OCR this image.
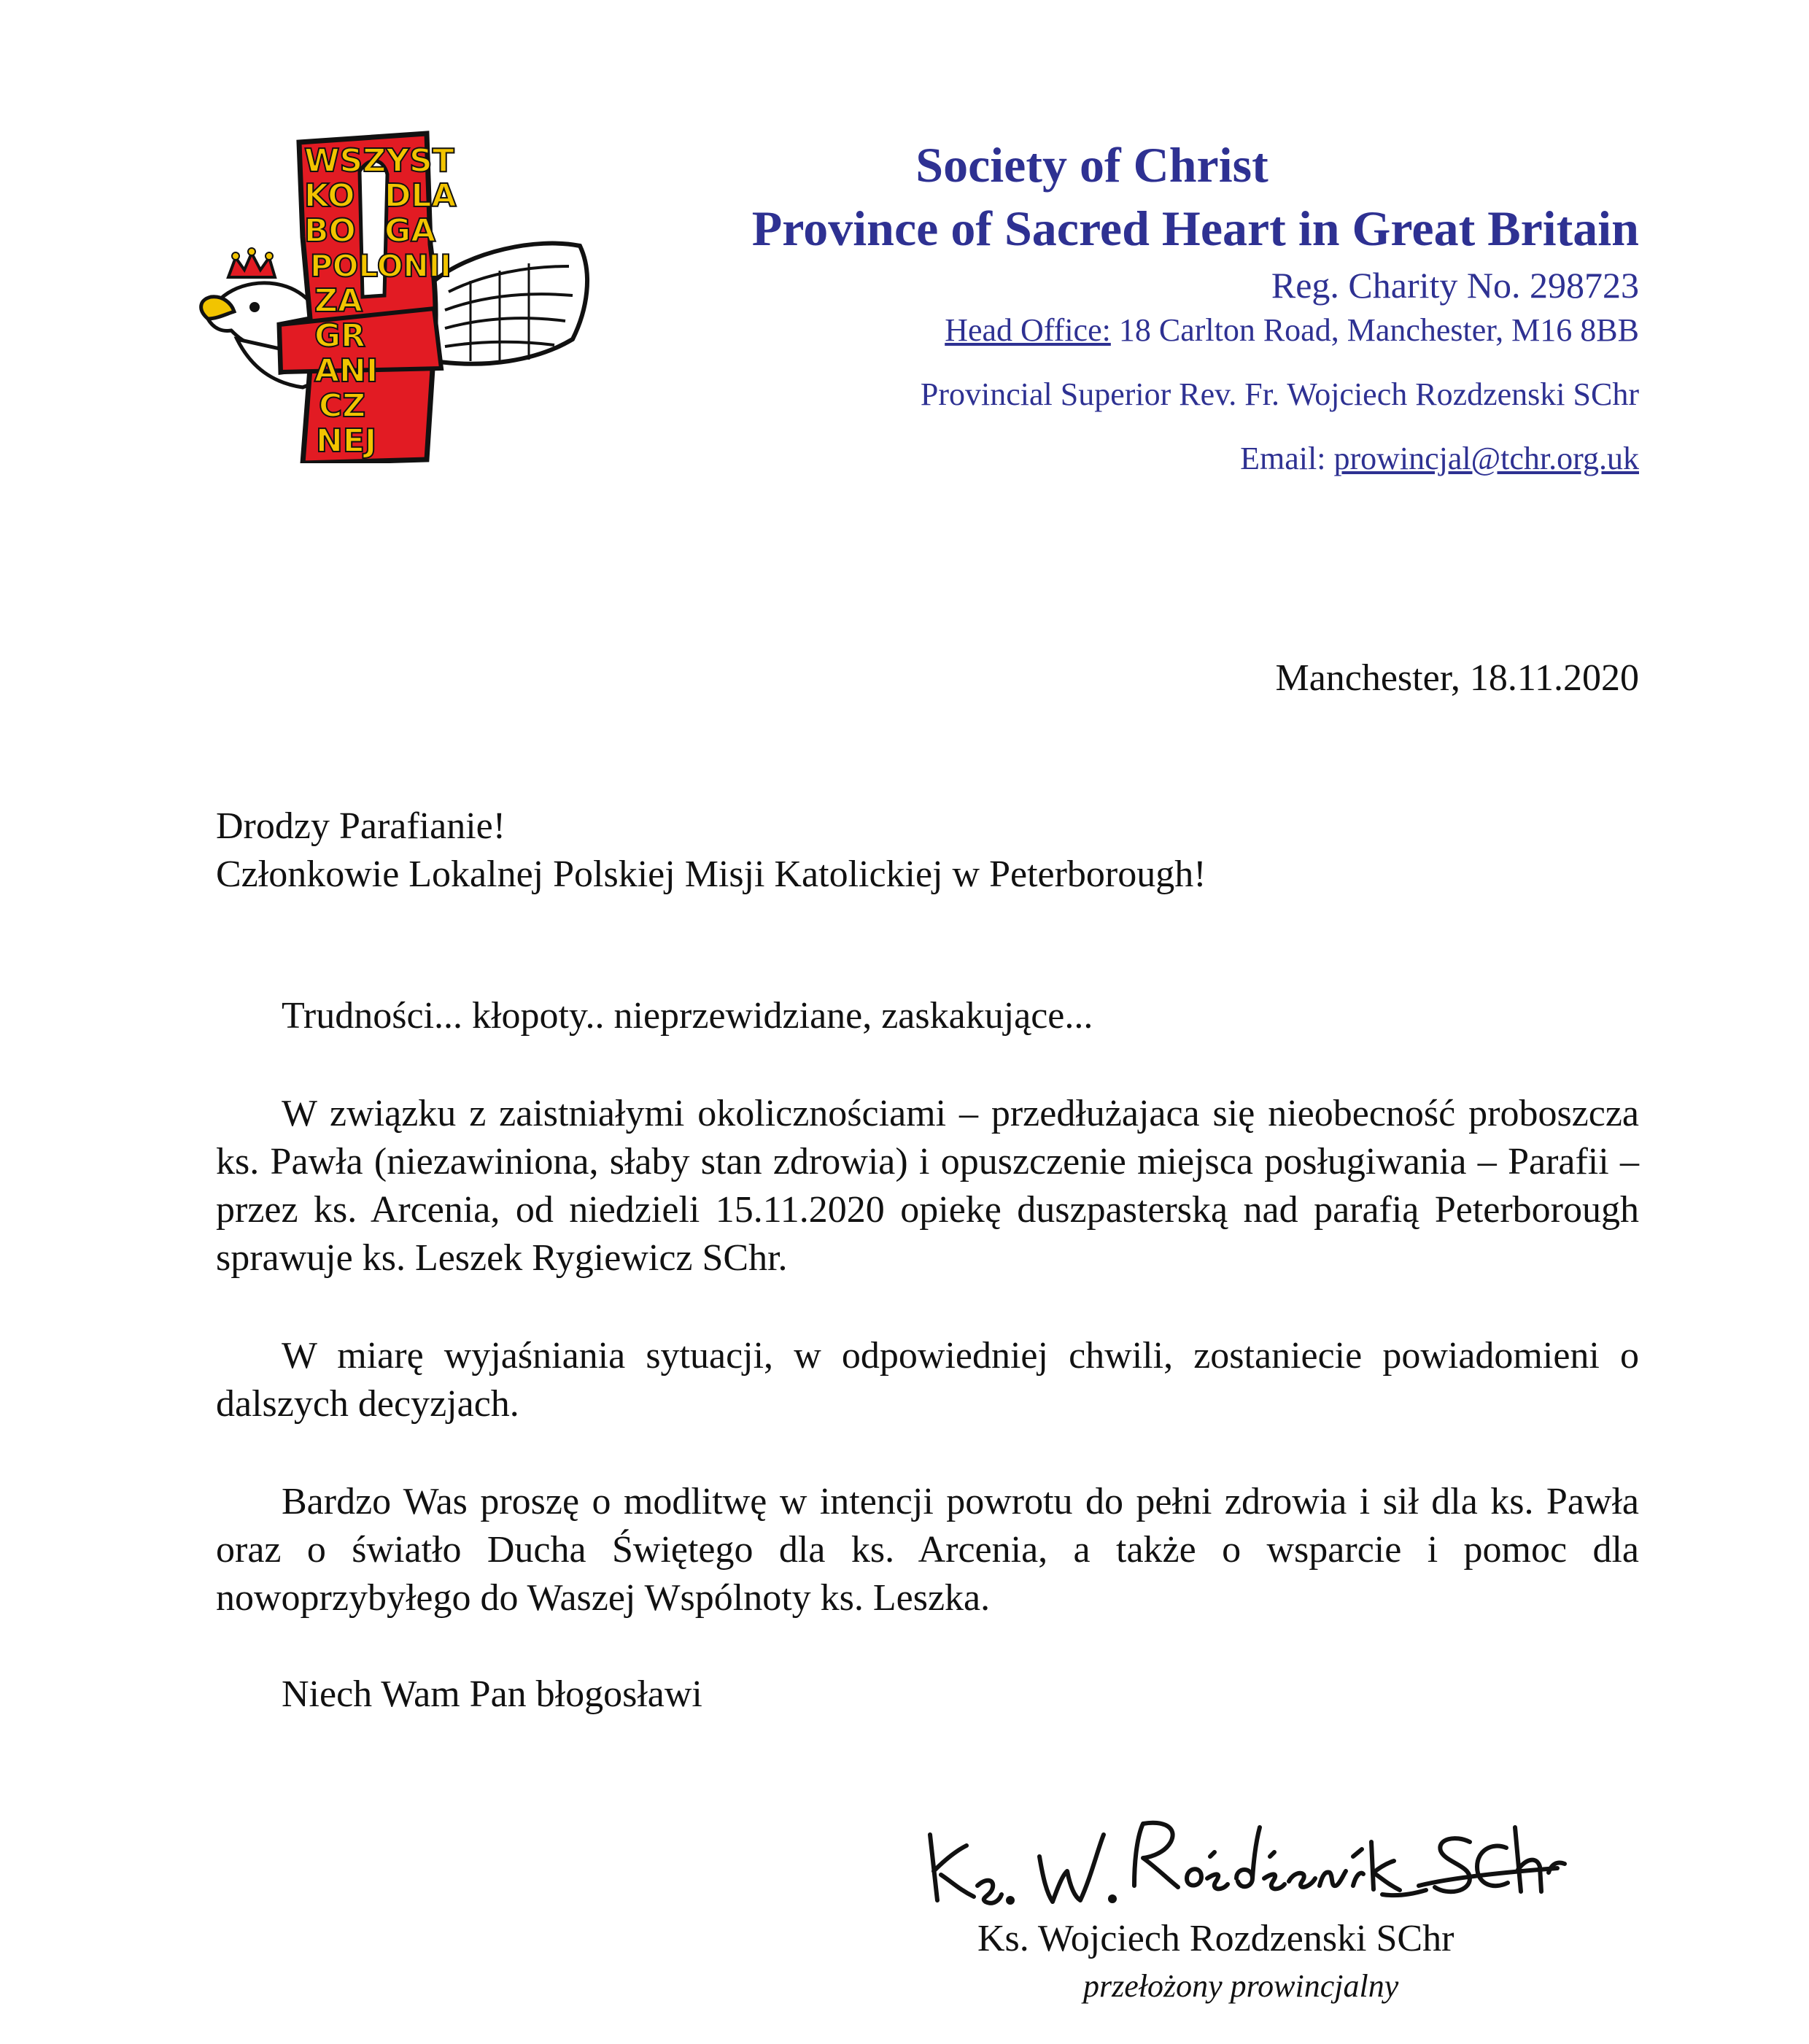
WSZYST
KO DLA
BO GA
POLONII
ZA
GR
ANI
CZ
NEJ
Society of Christ
Province of Sacred Heart in Great Britain
Reg. Charity No. 298723
Head Office: 18 Carlton Road, Manchester, M16 8BB
Provincial Superior Rev. Fr. Wojciech Rozdzenski SChr
Email: prowincjal@tchr.org.uk
Manchester, 18.11.2020
Drodzy Parafianie!
Członkowie Lokalnej Polskiej Misji Katolickiej w Peterborough!
Trudności... kłopoty.. nieprzewidziane, zaskakujące...
W związku z zaistniałymi okolicznościami – przedłużajaca się nieobecność proboszcza ks. Pawła (niezawiniona, słaby stan zdrowia) i opuszczenie miejsca posługiwania – Parafii – przez ks. Arcenia, od niedzieli 15.11.2020 opiekę duszpasterską nad parafią Peterborough sprawuje ks. Leszek Rygiewicz SChr.
W miarę wyjaśniania sytuacji, w odpowiedniej chwili, zostaniecie powiadomieni o dalszych decyzjach.
Bardzo Was proszę o modlitwę w intencji powrotu do pełni zdrowia i sił dla ks. Pawła oraz o światło Ducha Świętego dla ks. Arcenia, a także o wsparcie i pomoc dla nowoprzybyłego do Waszej Wspólnoty ks. Leszka.
Niech Wam Pan błogosławi
Ks. Wojciech Rozdzenski SChr
przełożony prowincjalny
